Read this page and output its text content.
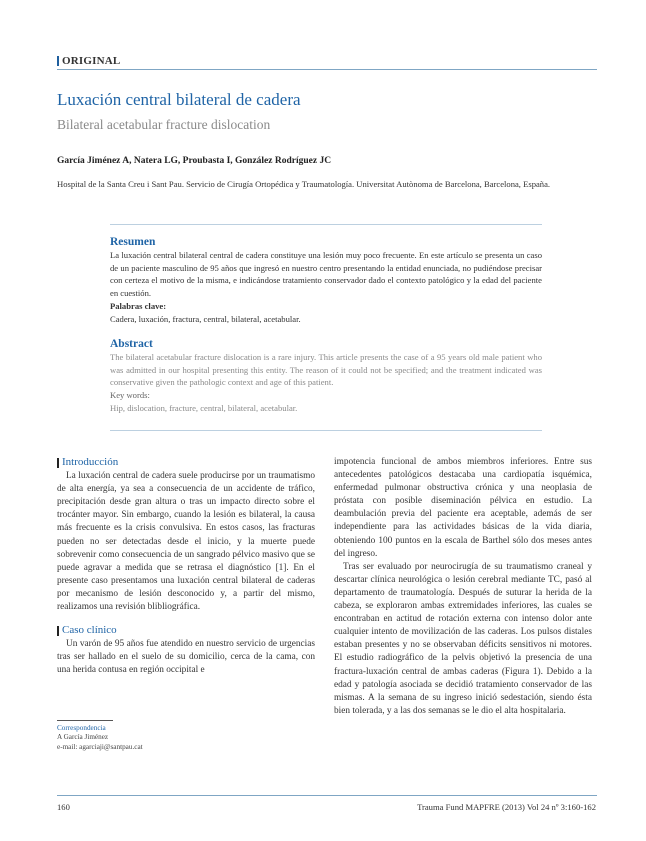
ORIGINAL
Luxación central bilateral de cadera
Bilateral acetabular fracture dislocation
García Jiménez A, Natera LG, Proubasta I, González Rodríguez JC
Hospital de la Santa Creu i Sant Pau. Servicio de Cirugía Ortopédica y Traumatología. Universitat Autònoma de Barcelona, Barcelona, España.
Resumen
La luxación central bilateral central de cadera constituye una lesión muy poco frecuente. En este artículo se presenta un caso de un paciente masculino de 95 años que ingresó en nuestro centro presentando la entidad enunciada, no pudiéndose precisar con certeza el motivo de la misma, e indicándose tratamiento conservador dado el contexto patológico y la edad del paciente en cuestión.
Palabras clave:
Cadera, luxación, fractura, central, bilateral, acetabular.
Abstract
The bilateral acetabular fracture dislocation is a rare injury. This article presents the case of a 95 years old male patient who was admitted in our hospital presenting this entity. The reason of it could not be specified; and the treatment indicated was conservative given the pathologic context and age of this patient.
Key words:
Hip, dislocation, fracture, central, bilateral, acetabular.
Introducción

La luxación central de cadera suele producirse por un traumatismo de alta energía, ya sea a consecuencia de un accidente de tráfico, precipitación desde gran altura o tras un impacto directo sobre el trocánter mayor. Sin embargo, cuando la lesión es bilateral, la causa más frecuente es la crisis convulsiva. En estos casos, las fracturas pueden no ser detectadas desde el inicio, y la muerte puede sobrevenir como consecuencia de un sangrado pélvico masivo que se puede agravar a medida que se retrasa el diagnóstico [1]. En el presente caso presentamos una luxación central bilateral de caderas por mecanismo de lesión desconocido y, a partir del mismo, realizamos una revisión blibliográfica.

Caso clínico

Un varón de 95 años fue atendido en nuestro servicio de urgencias tras ser hallado en el suelo de su domicilio, cerca de la cama, con una herida contusa en región occipital e

impotencia funcional de ambos miembros inferiores. Entre sus antecedentes patológicos destacaba una cardiopatía isquémica, enfermedad pulmonar obstructiva crónica y una neoplasia de próstata con posible diseminación pélvica en estudio. La deambulación previa del paciente era aceptable, además de ser independiente para las actividades básicas de la vida diaria, obteniendo 100 puntos en la escala de Barthel sólo dos meses antes del ingreso.

Tras ser evaluado por neurocirugía de su traumatismo craneal y descartar clínica neurológica o lesión cerebral mediante TC, pasó al departamento de traumatología. Después de suturar la herida de la cabeza, se exploraron ambas extremidades inferiores, las cuales se encontraban en actitud de rotación externa con intenso dolor ante cualquier intento de movilización de las caderas. Los pulsos distales estaban presentes y no se observaban déficits sensitivos ni motores. El estudio radiográfico de la pelvis objetivó la presencia de una fractura-luxación central de ambas caderas (Figura 1). Debido a la edad y patología asociada se decidió tratamiento conservador de las mismas. A la semana de su ingreso inició sedestación, siendo ésta bien tolerada, y a las dos semanas se le dio el alta hospitalaria.

Correspondencia
A García Jiménez
e-mail: agarciaji@santpau.cat
160	Trauma Fund MAPFRE (2013) Vol 24 nº 3:160-162
